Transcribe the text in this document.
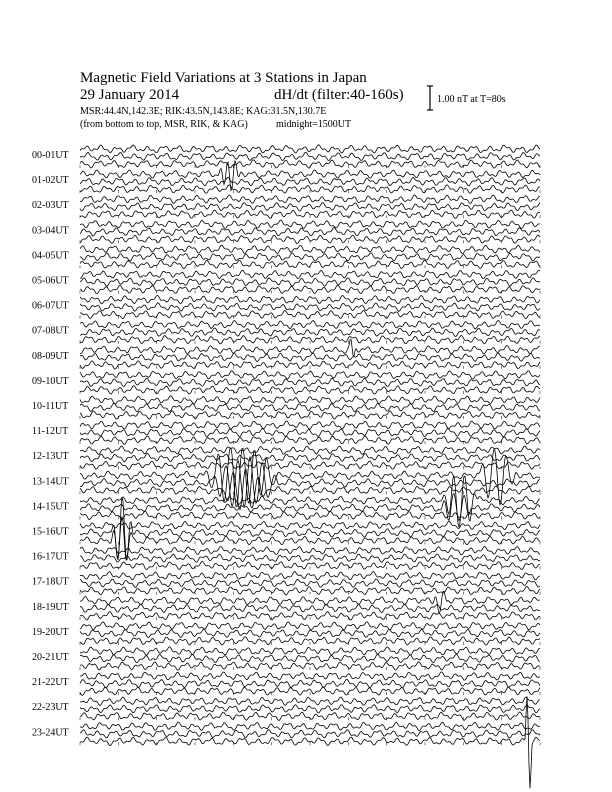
Magnetic Field Variations at 3 Stations in Japan
29 January 2014	dH/dt (filter:40-160s)
MSR:44.4N,142.3E; RIK:43.5N,143.8E; KAG:31.5N,130.7E
(from bottom to top, MSR, RIK, & KAG)	midnight=1500UT
1.00 nT at T=80s
00-01UT
01-02UT
02-03UT
03-04UT
04-05UT
05-06UT
06-07UT
07-08UT
08-09UT
09-10UT
10-11UT
11-12UT
12-13UT
13-14UT
14-15UT
15-16UT
16-17UT
17-18UT
18-19UT
19-20UT
20-21UT
21-22UT
22-23UT
23-24UT
